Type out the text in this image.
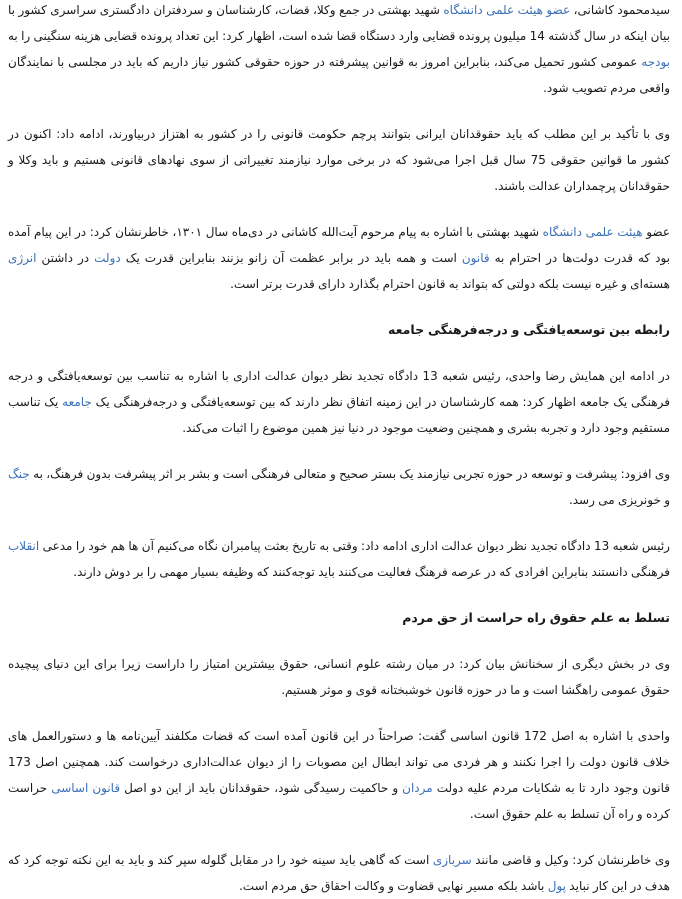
سیدمحمود کاشانی، عضو هیئت علمی دانشگاه شهید بهشتی در جمع وکلا، قضات، کارشناسان و سردفتران دادگستری سراسری کشور با بیان اینکه در سال گذشته 14 میلیون پرونده قضایی وارد دستگاه قضا شده است، اظهار کرد: این تعداد پرونده قضایی هزینه سنگینی را به بودجه عمومی کشور تحمیل می‌کند، بنابراین امروز به قوانین پیشرفته در حوزه حقوقی کشور نیاز داریم که باید در مجلسی با نمایندگان واقعی مردم تصویب شود.

وی با تأکید بر این مطلب که باید حقوقدانان ایرانی بتوانند پرچم حکومت قانونی را در کشور به اهتزاز دربیاورند، ادامه داد: اکنون در کشور ما قوانین حقوقی 75 سال قبل اجرا می‌شود که در برخی موارد نیازمند تغییراتی از سوی نهادهای قانونی هستیم و باید وکلا و حقوقدانان پرچمداران عدالت باشند.

عضو هیئت علمی دانشگاه شهید بهشتی با اشاره به پیام مرحوم آیت‌الله کاشانی در دی‌ماه سال ۱۳۰۱، خاطرنشان کرد: در این پیام آمده بود که قدرت دولت‌ها در احترام به قانون است و همه باید در برابر عظمت آن زانو بزنند بنابراین قدرت یک دولت در داشتن انرژی هسته‌ای و غیره نیست بلکه دولتی که بتواند به قانون احترام بگذارد دارای قدرت برتر است.

رابطه بین توسعه‌یافتگی و درجه‌فرهنگی جامعه

در ادامه این همایش رضا واحدی، رئیس شعبه 13 دادگاه تجدید نظر دیوان عدالت اداری با اشاره به تناسب بین توسعه‌یافتگی و درجه فرهنگی یک جامعه اظهار کرد: همه کارشناسان در این زمینه اتفاق نظر دارند که بین توسعه‌یافتگی و درجه‌فرهنگی یک جامعه یک تناسب مستقیم وجود دارد و تجربه بشری و همچنین وضعیت موجود در دنیا نیز همین موضوع را اثبات می‌کند.

وی افزود: پیشرفت و توسعه در حوزه تجربی نیازمند یک بستر صحیح و متعالی فرهنگی است و بشر بر اثر پیشرفت بدون فرهنگ، به جنگ و خونریزی می رسد.

رئیس شعبه 13 دادگاه تجدید نظر دیوان عدالت اداری ادامه داد: وقتی به تاریخ بعثت پیامبران نگاه می‌کنیم آن ها هم خود را مدعی انقلاب فرهنگی دانستند بنابراین افرادی که در عرصه فرهنگ فعالیت می‌کنند باید توجه‌کنند که وظیفه بسیار مهمی را بر دوش دارند.

تسلط به علم حقوق راه حراست از حق مردم

وی در بخش دیگری از سخنانش بیان کرد: در میان رشته علوم انسانی، حقوق بیشترین امتیاز را داراست زیرا برای این دنیای پیچیده حقوق عمومی راهگشا است و ما در حوزه قانون خوشبختانه قوی و موثر هستیم.

واحدی با اشاره به اصل 172 قانون اساسی گفت: صراحتاً در این قانون آمده است که قضات مکلفند آیین‌نامه ها و دستورالعمل های خلاف قانون دولت را اجرا نکنند و هر فردی می تواند ابطال این مصوبات را از دیوان عدالت‌اداری درخواست کند. همچنین اصل 173 قانون وجود دارد تا به شکایات مردم علیه دولت مردان و حاکمیت رسیدگی شود، حقوقدانان باید از این دو اصل قانون اساسی حراست کرده و راه آن تسلط به علم حقوق است.

وی خاطرنشان کرد: وکیل و قاضی مانند سربازی است که گاهی باید سینه خود را در مقابل گلوله سپر کند و باید به این نکته توجه کرد که هدف در این کار نباید پول باشد بلکه مسیر نهایی قضاوت و وکالت احقاق حق مردم است.
